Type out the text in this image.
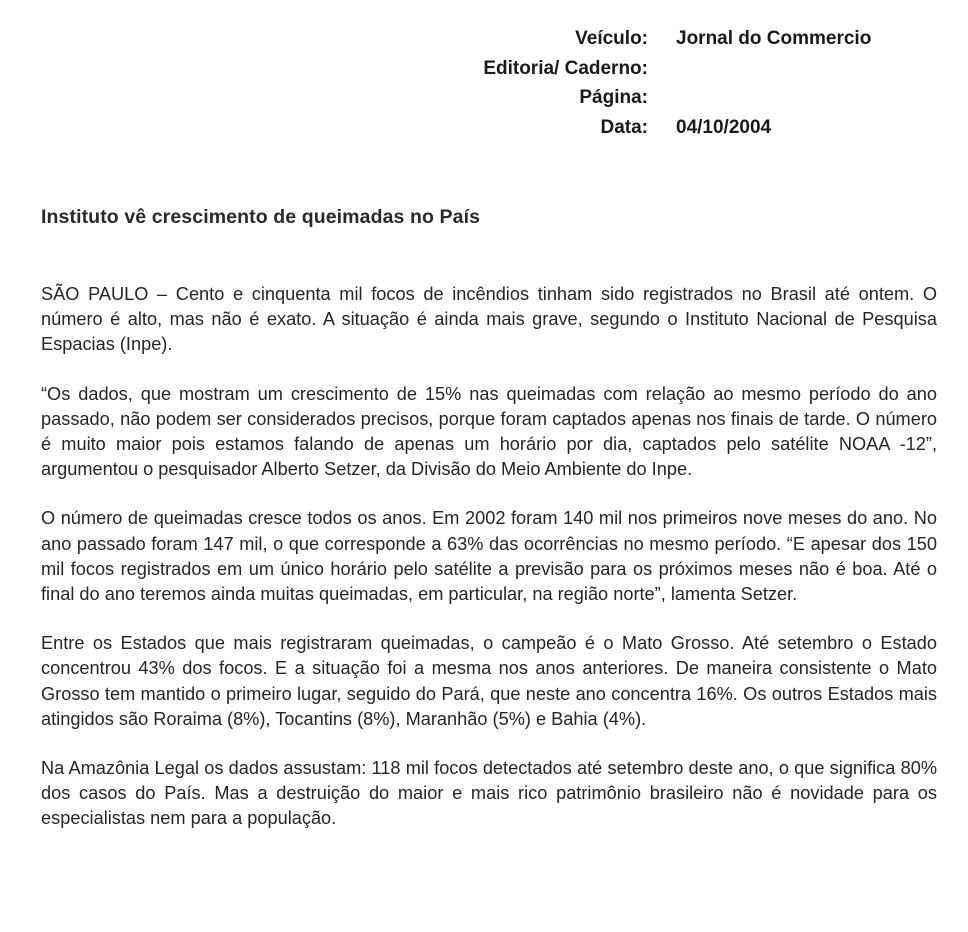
Veículo:	Jornal do Commercio
Editoria/ Caderno:
Página:
Data:	04/10/2004
Instituto vê crescimento de queimadas no País

SÃO PAULO – Cento e cinquenta mil focos de incêndios tinham sido registrados no Brasil até ontem. O número é alto, mas não é exato. A situação é ainda mais grave, segundo o Instituto Nacional de Pesquisa Espacias (Inpe).

“Os dados, que mostram um crescimento de 15% nas queimadas com relação ao mesmo período do ano passado, não podem ser considerados precisos, porque foram captados apenas nos finais de tarde. O número é muito maior pois estamos falando de apenas um horário por dia, captados pelo satélite NOAA -12”, argumentou o pesquisador Alberto Setzer, da Divisão do Meio Ambiente do Inpe.

O número de queimadas cresce todos os anos. Em 2002 foram 140 mil nos primeiros nove meses do ano. No ano passado foram 147 mil, o que corresponde a 63% das ocorrências no mesmo período. “E apesar dos 150 mil focos registrados em um único horário pelo satélite a previsão para os próximos meses não é boa. Até o final do ano teremos ainda muitas queimadas, em particular, na região norte”, lamenta Setzer.

Entre os Estados que mais registraram queimadas, o campeão é o Mato Grosso. Até setembro o Estado concentrou 43% dos focos. E a situação foi a mesma nos anos anteriores. De maneira consistente o Mato Grosso tem mantido o primeiro lugar, seguido do Pará, que neste ano concentra 16%. Os outros Estados mais atingidos são Roraima (8%), Tocantins (8%), Maranhão (5%) e Bahia (4%).

Na Amazônia Legal os dados assustam: 118 mil focos detectados até setembro deste ano, o que significa 80% dos casos do País. Mas a destruição do maior e mais rico patrimônio brasileiro não é novidade para os especialistas nem para a população.
